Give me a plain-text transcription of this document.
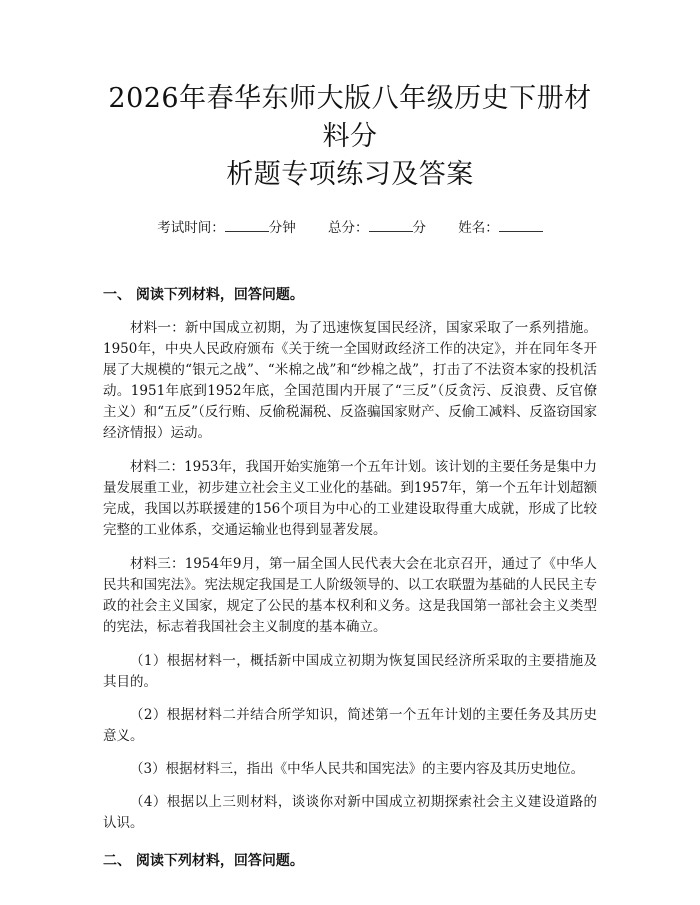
2026年春华东师大版八年级历史下册材料分
析题专项练习及答案
考试时间：	分钟 总分：	分 姓名：
一、 阅读下列材料，回答问题。

材料一：新中国成立初期，为了迅速恢复国民经济，国家采取了一系列措施。1950年，中央人民政府颁布《关于统一全国财政经济工作的决定》，并在同年冬开展了大规模的“银元之战”、“米棉之战”和“纱棉之战”，打击了不法资本家的投机活动。1951年底到1952年底，全国范围内开展了“三反”（反贪污、反浪费、反官僚主义）和“五反”（反行贿、反偷税漏税、反盗骗国家财产、反偷工减料、反盗窃国家经济情报）运动。

材料二：1953年，我国开始实施第一个五年计划。该计划的主要任务是集中力量发展重工业，初步建立社会主义工业化的基础。到1957年，第一个五年计划超额完成，我国以苏联援建的156个项目为中心的工业建设取得重大成就，形成了比较完整的工业体系，交通运输业也得到显著发展。

材料三：1954年9月，第一届全国人民代表大会在北京召开，通过了《中华人民共和国宪法》。宪法规定我国是工人阶级领导的、以工农联盟为基础的人民民主专政的社会主义国家，规定了公民的基本权利和义务。这是我国第一部社会主义类型的宪法，标志着我国社会主义制度的基本确立。

（1）根据材料一，概括新中国成立初期为恢复国民经济所采取的主要措施及其目的。

（2）根据材料二并结合所学知识，简述第一个五年计划的主要任务及其历史意义。

（3）根据材料三，指出《中华人民共和国宪法》的主要内容及其历史地位。

（4）根据以上三则材料，谈谈你对新中国成立初期探索社会主义建设道路的认识。

二、 阅读下列材料，回答问题。
